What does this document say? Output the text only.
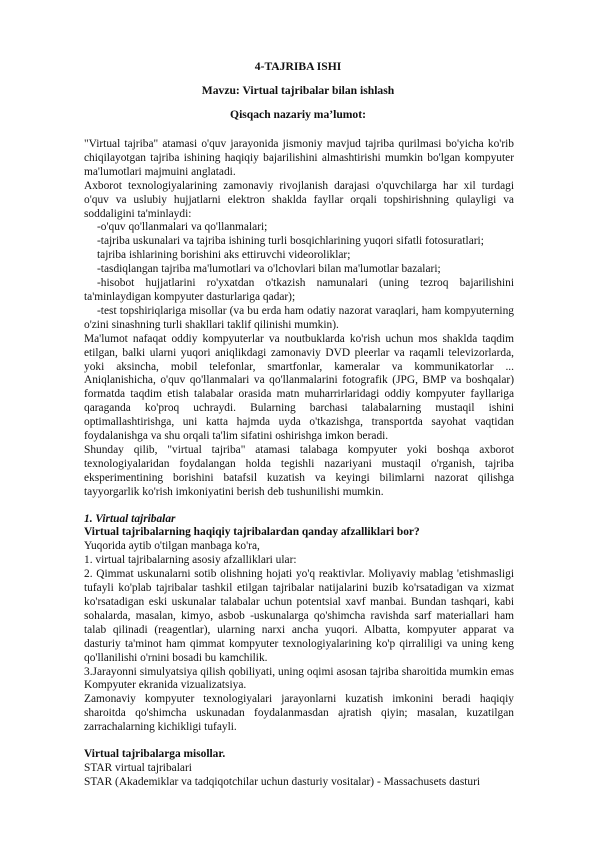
4-TAJRIBA ISHI
Mavzu: Virtual tajribalar bilan ishlash
Qisqach nazariy ma’lumot:

"Virtual tajriba" atamasi o'quv jarayonida jismoniy mavjud tajriba qurilmasi bo'yicha ko'rib chiqilayotgan tajriba ishining haqiqiy bajarilishini almashtirishi mumkin bo'lgan kompyuter ma'lumotlari majmuini anglatadi.

Axborot texnologiyalarining zamonaviy rivojlanish darajasi o'quvchilarga har xil turdagi o'quv va uslubiy hujjatlarni elektron shaklda fayllar orqali topshirishning qulayligi va soddaligini ta'minlaydi:

-o'quv qo'llanmalari va qo'llanmalari;

-tajriba uskunalari va tajriba ishining turli bosqichlarining yuqori sifatli fotosuratlari;

tajriba ishlarining borishini aks ettiruvchi videoroliklar;

-tasdiqlangan tajriba ma'lumotlari va o'lchovlari bilan ma'lumotlar bazalari;

-hisobot hujjatlarini ro'yxatdan o'tkazish namunalari (uning tezroq bajarilishini ta'minlaydigan kompyuter dasturlariga qadar);

-test topshiriqlariga misollar (va bu erda ham odatiy nazorat varaqlari, ham kompyuterning o'zini sinashning turli shakllari taklif qilinishi mumkin).

Ma'lumot nafaqat oddiy kompyuterlar va noutbuklarda ko'rish uchun mos shaklda taqdim etilgan, balki ularni yuqori aniqlikdagi zamonaviy DVD pleerlar va raqamli televizorlarda, yoki aksincha, mobil telefonlar, smartfonlar, kameralar va kommunikatorlar ... Aniqlanishicha, o'quv qo'llanmalari va qo'llanmalarini fotografik (JPG, BMP va boshqalar) formatda taqdim etish talabalar orasida matn muharrirlaridagi oddiy kompyuter fayllariga qaraganda ko'proq uchraydi. Bularning barchasi talabalarning mustaqil ishini optimallashtirishga, uni katta hajmda uyda o'tkazishga, transportda sayohat vaqtidan foydalanishga va shu orqali ta'lim sifatini oshirishga imkon beradi.

Shunday qilib, "virtual tajriba" atamasi talabaga kompyuter yoki boshqa axborot texnologiyalaridan foydalangan holda tegishli nazariyani mustaqil o'rganish, tajriba eksperimentining borishini batafsil kuzatish va keyingi bilimlarni nazorat qilishga tayyorgarlik ko'rish imkoniyatini berish deb tushunilishi mumkin.

1. Virtual tajribalar

Virtual tajribalarning haqiqiy tajribalardan qanday afzalliklari bor?

Yuqorida aytib o'tilgan manbaga ko'ra,

1. virtual tajribalarning asosiy afzalliklari ular:

2. Qimmat uskunalarni sotib olishning hojati yo'q reaktivlar. Moliyaviy mablag 'etishmasligi tufayli ko'plab tajribalar tashkil etilgan tajribalar natijalarini buzib ko'rsatadigan va xizmat ko'rsatadigan eski uskunalar talabalar uchun potentsial xavf manbai. Bundan tashqari, kabi sohalarda, masalan, kimyo, asbob -uskunalarga qo'shimcha ravishda sarf materiallari ham talab qilinadi (reagentlar), ularning narxi ancha yuqori. Albatta, kompyuter apparat va dasturiy ta'minot ham qimmat kompyuter texnologiyalarining ko'p qirraliligi va uning keng qo'llanilishi o'rnini bosadi bu kamchilik.

3.Jarayonni simulyatsiya qilish qobiliyati, uning oqimi asosan tajriba sharoitida mumkin emas Kompyuter ekranida vizualizatsiya.

Zamonaviy kompyuter texnologiyalari jarayonlarni kuzatish imkonini beradi haqiqiy sharoitda qo'shimcha uskunadan foydalanmasdan ajratish qiyin; masalan, kuzatilgan zarrachalarning kichikligi tufayli.

Virtual tajribalarga misollar.

STAR virtual tajribalari

STAR (Akademiklar va tadqiqotchilar uchun dasturiy vositalar) - Massachusets dasturi
